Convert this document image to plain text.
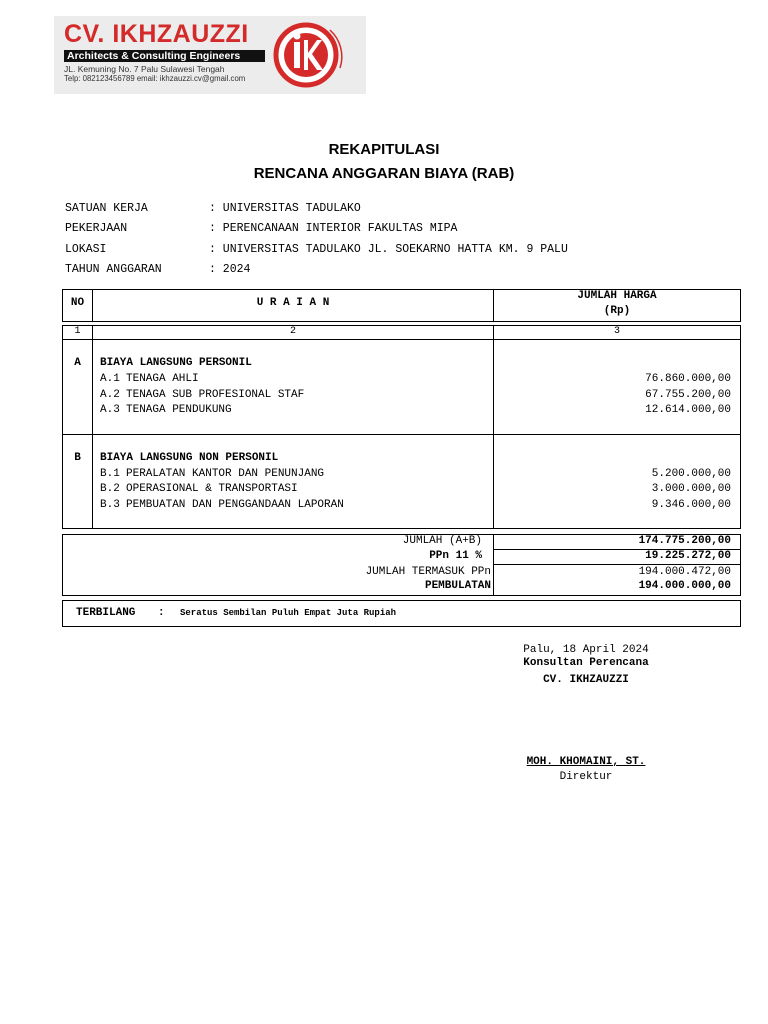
CV. IKHZAUZZI
Architects & Consulting Engineers
JL. Kemuning No. 7 Palu Sulawesi Tengah
Telp: 082123456789 email: ikhzauzzi.cv@gmail.com
REKAPITULASI
RENCANA ANGGARAN BIAYA (RAB)
SATUAN KERJA	: UNIVERSITAS TADULAKO
PEKERJAAN	: PERENCANAAN INTERIOR FAKULTAS MIPA
LOKASI	: UNIVERSITAS TADULAKO JL. SOEKARNO HATTA KM. 9 PALU
TAHUN ANGGARAN	: 2024
NO	U R A I A N
JUMLAH HARGA
(Rp)
1	2	3
A	BIAYA LANGSUNG PERSONIL
A.1 TENAGA AHLI	76.860.000,00
A.2 TENAGA SUB PROFESIONAL STAF	67.755.200,00
A.3 TENAGA PENDUKUNG	12.614.000,00
B	BIAYA LANGSUNG NON PERSONIL
B.1 PERALATAN KANTOR DAN PENUNJANG	5.200.000,00
B.2 OPERASIONAL & TRANSPORTASI	3.000.000,00
B.3 PEMBUATAN DAN PENGGANDAAN LAPORAN	9.346.000,00
JUMLAH (A+B)	174.775.200,00
PPn 11 %	19.225.272,00
JUMLAH TERMASUK PPn	194.000.472,00
PEMBULATAN	194.000.000,00
TERBILANG : Seratus Sembilan Puluh Empat Juta Rupiah
Palu, 18 April 2024
Konsultan Perencana
CV. IKHZAUZZI
MOH. KHOMAINI, ST.
Direktur
